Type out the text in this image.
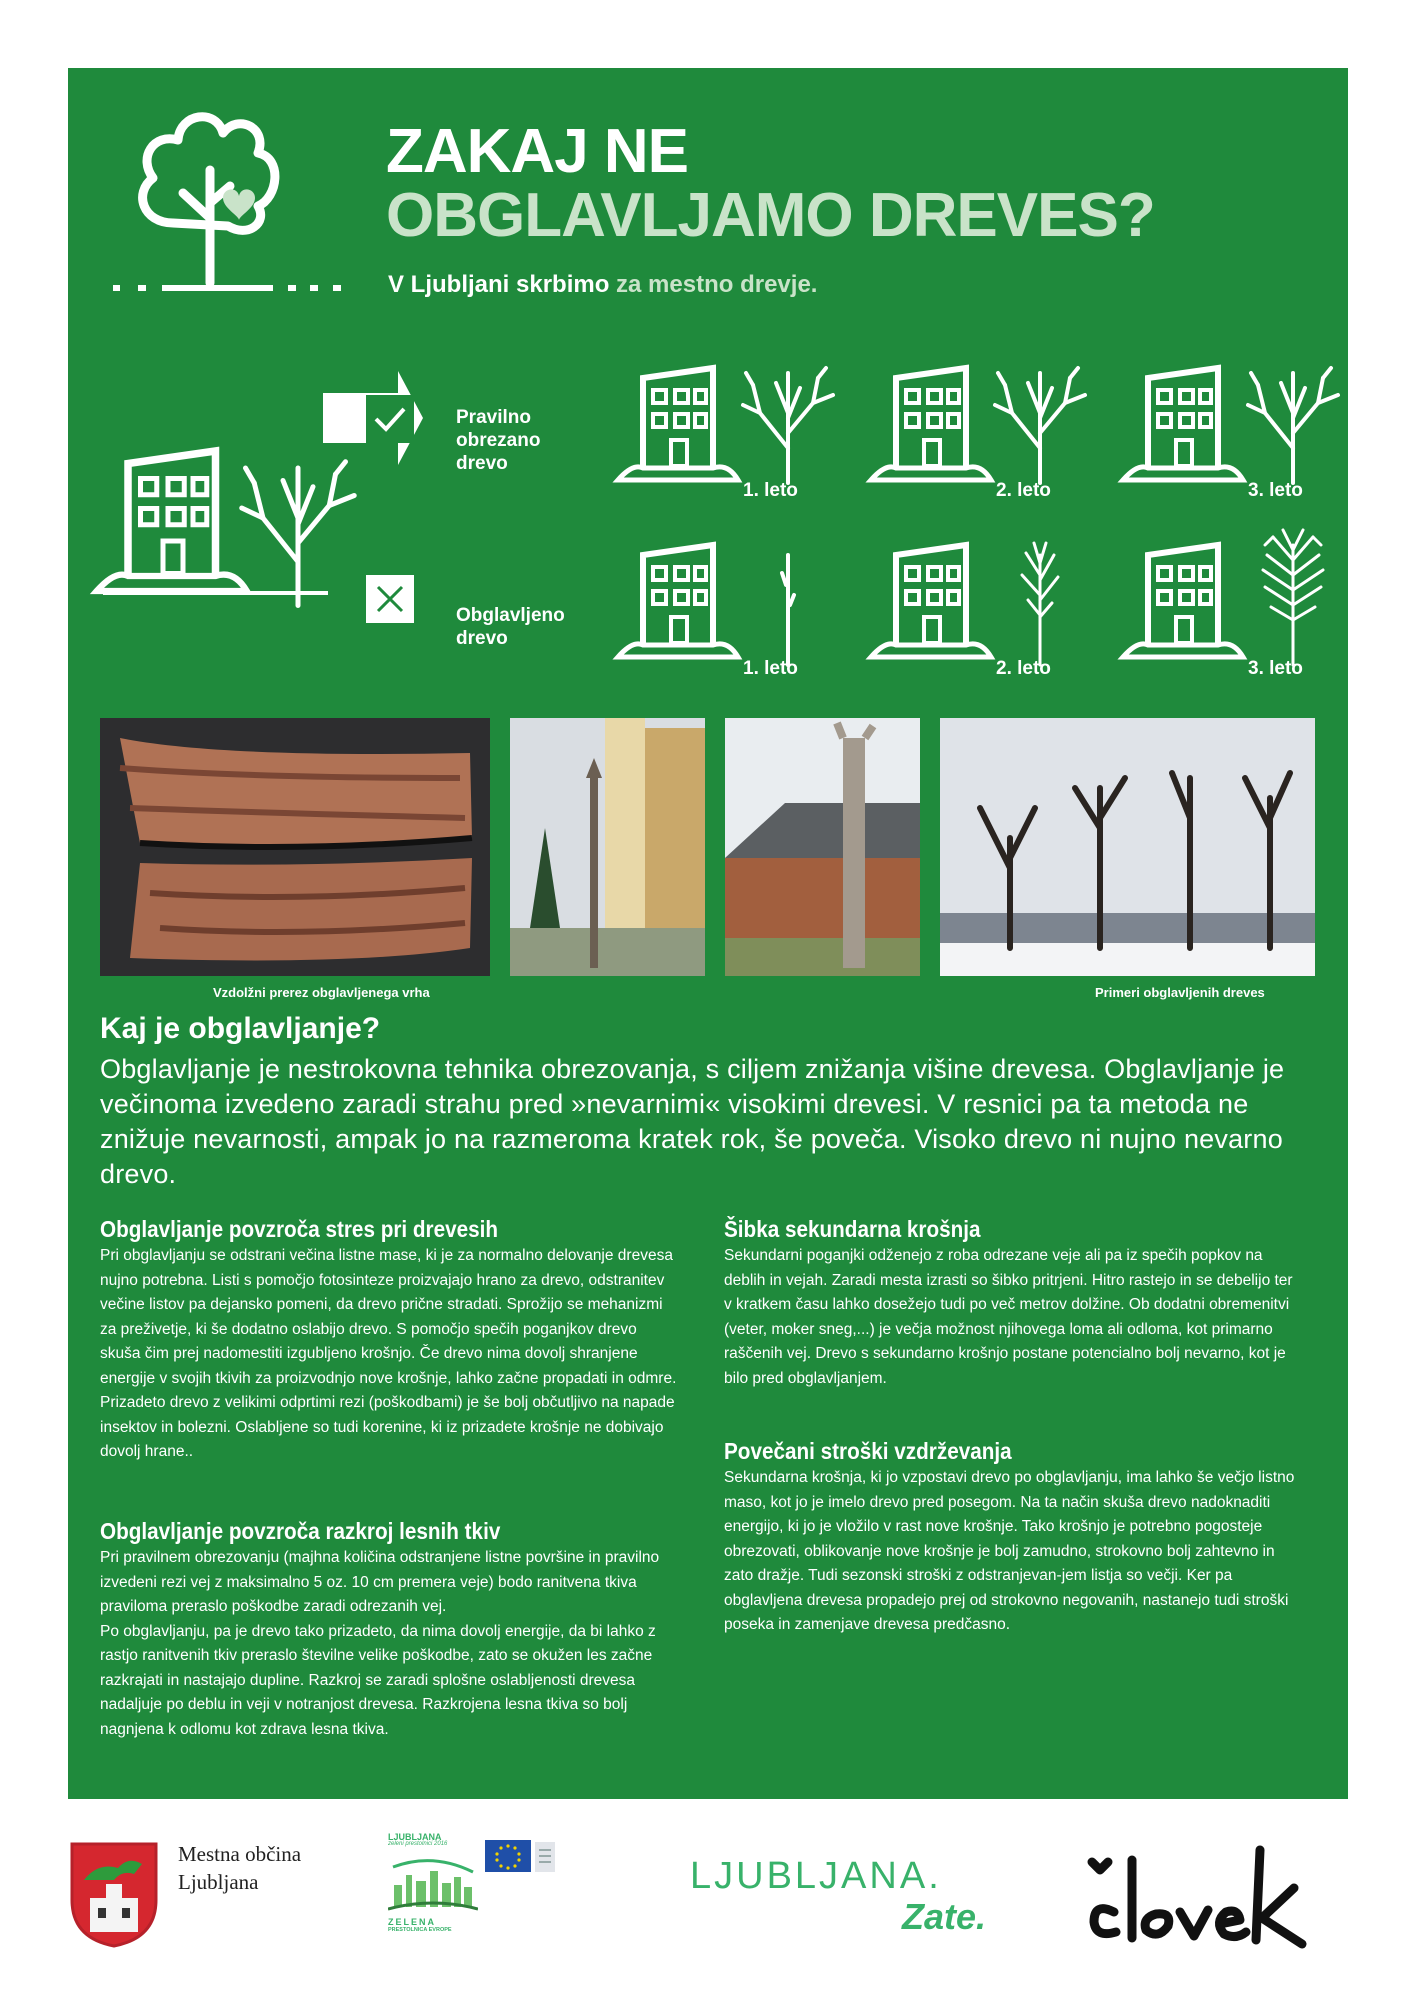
ZAKAJ NE
OBGLAVLJAMO DREVES?
V Ljubljani skrbimo za mestno drevje.
Pravilno obrezano drevo
Obglavljeno drevo
1. leto	2. leto	3. leto
1. leto	2. leto	3. leto
Vzdolžni prerez obglavljenega vrha	Primeri obglavljenih dreves
Kaj je obglavljanje?
Obglavljanje je nestrokovna tehnika obrezovanja, s ciljem znižanja višine drevesa. Obglavljanje je večinoma izvedeno zaradi strahu pred »nevarnimi« visokimi drevesi. V resnici pa ta metoda ne znižuje nevarnosti, ampak jo na razmeroma kratek rok, še poveča. Visoko drevo ni nujno nevarno drevo.
Obglavljanje povzroča stres pri drevesih
Pri obglavljanju se odstrani večina listne mase, ki je za normalno delovanje drevesa nujno potrebna. Listi s pomočjo fotosinteze proizvajajo hrano za drevo, odstranitev večine listov pa dejansko pomeni, da drevo prične stradati. Sprožijo se mehanizmi za preživetje, ki še dodatno oslabijo drevo. S pomočjo spečih poganjkov drevo skuša čim prej nadomestiti izgubljeno krošnjo. Če drevo nima dovolj shranjene energije v svojih tkivih za proizvodnjo nove krošnje, lahko začne propadati in odmre. Prizadeto drevo z velikimi odprtimi rezi (poškodbami) je še bolj občutljivo na napade insektov in bolezni. Oslabljene so tudi korenine, ki iz prizadete krošnje ne dobivajo dovolj hrane..
Obglavljanje povzroča razkroj lesnih tkiv
Pri pravilnem obrezovanju (majhna količina odstranjene listne površine in pravilno izvedeni rezi vej z maksimalno 5 oz. 10 cm premera veje) bodo ranitvena tkiva praviloma preraslo poškodbe zaradi odrezanih vej.
Po obglavljanju, pa je drevo tako prizadeto, da nima dovolj energije, da bi lahko z rastjo ranitvenih tkiv preraslo številne velike poškodbe, zato se okužen les začne razkrajati in nastajajo dupline. Razkroj se zaradi splošne oslabljenosti drevesa nadaljuje po deblu in veji v notranjost drevesa. Razkrojena lesna tkiva so bolj nagnjena k odlomu kot zdrava lesna tkiva.
Šibka sekundarna krošnja
Sekundarni poganjki odženejo z roba odrezane veje ali pa iz spečih popkov na deblih in vejah. Zaradi mesta izrasti so šibko pritrjeni. Hitro rastejo in se debelijo ter v kratkem času lahko dosežejo tudi po več metrov dolžine. Ob dodatni obremenitvi (veter, moker sneg,...) je večja možnost njihovega loma ali odloma, kot primarno raščenih vej. Drevo s sekundarno krošnjo postane potencialno bolj nevarno, kot je bilo pred obglavljanjem.
Povečani stroški vzdrževanja
Sekundarna krošnja, ki jo vzpostavi drevo po obglavljanju, ima lahko še večjo listno maso, kot jo je imelo drevo pred posegom. Na ta način skuša drevo nadoknaditi energijo, ki jo je vložilo v rast nove krošnje. Tako krošnjo je potrebno pogosteje obrezovati, oblikovanje nove krošnje je bolj zamudno, strokovno bolj zahtevno in zato dražje. Tudi sezonski stroški z odstranjevan-jem listja so večji. Ker pa obglavljena drevesa propadejo prej od strokovno negovanih, nastanejo tudi stroški poseka in zamenjave drevesa predčasno.
Mestna občina
Ljubljana
LJUBLJANA
zeleni prestolnici 2016
ZELENA
PRESTOLNICA EVROPE
LJUBLJANA.
Zate.
